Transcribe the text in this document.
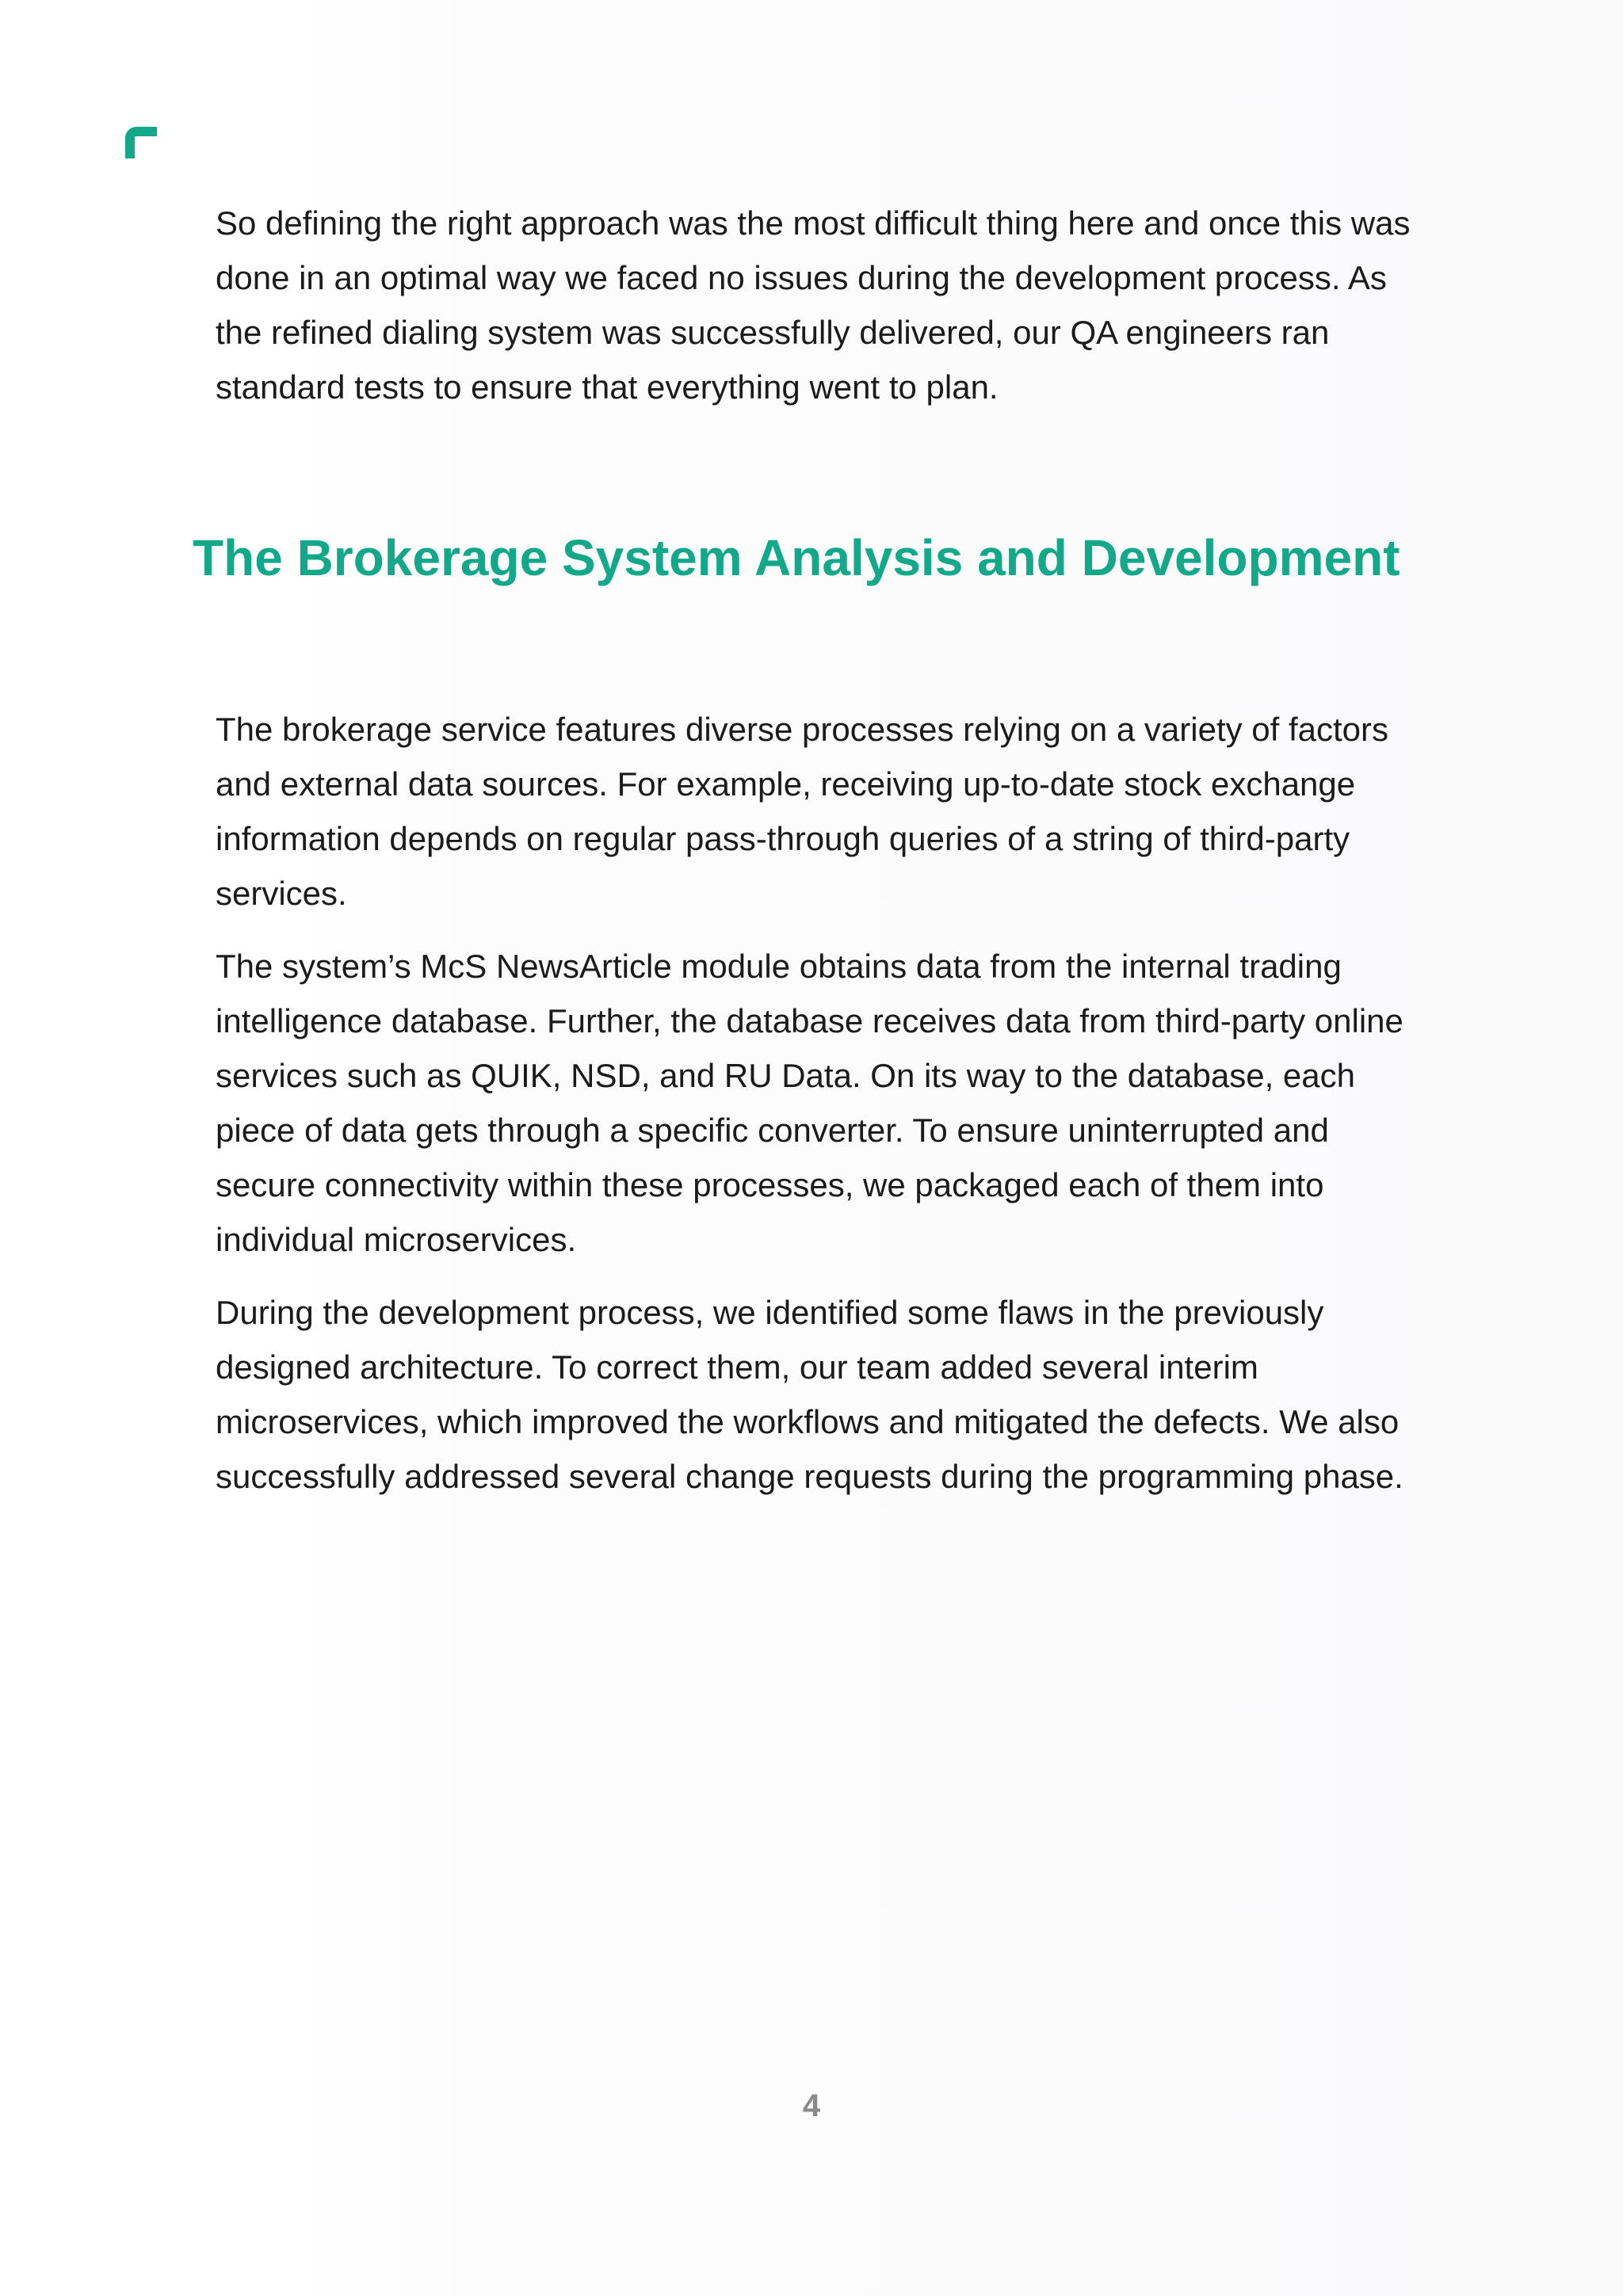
So defining the right approach was the most difficult thing here and once this was done in an optimal way we faced no issues during the development process. As the refined dialing system was successfully delivered, our QA engineers ran standard tests to ensure that everything went to plan.

The Brokerage System Analysis and Development

The brokerage service features diverse processes relying on a variety of factors and external data sources. For example, receiving up-to-date stock exchange information depends on regular pass-through queries of a string of third-party services.

The system’s McS NewsArticle module obtains data from the internal trading intelligence database. Further, the database receives data from third-party online services such as QUIK, NSD, and RU Data. On its way to the database, each piece of data gets through a specific converter. To ensure uninterrupted and secure connectivity within these processes, we packaged each of them into individual microservices.

During the development process, we identified some flaws in the previously designed architecture. To correct them, our team added several interim microservices, which improved the workflows and mitigated the defects. We also successfully addressed several change requests during the programming phase.

4
